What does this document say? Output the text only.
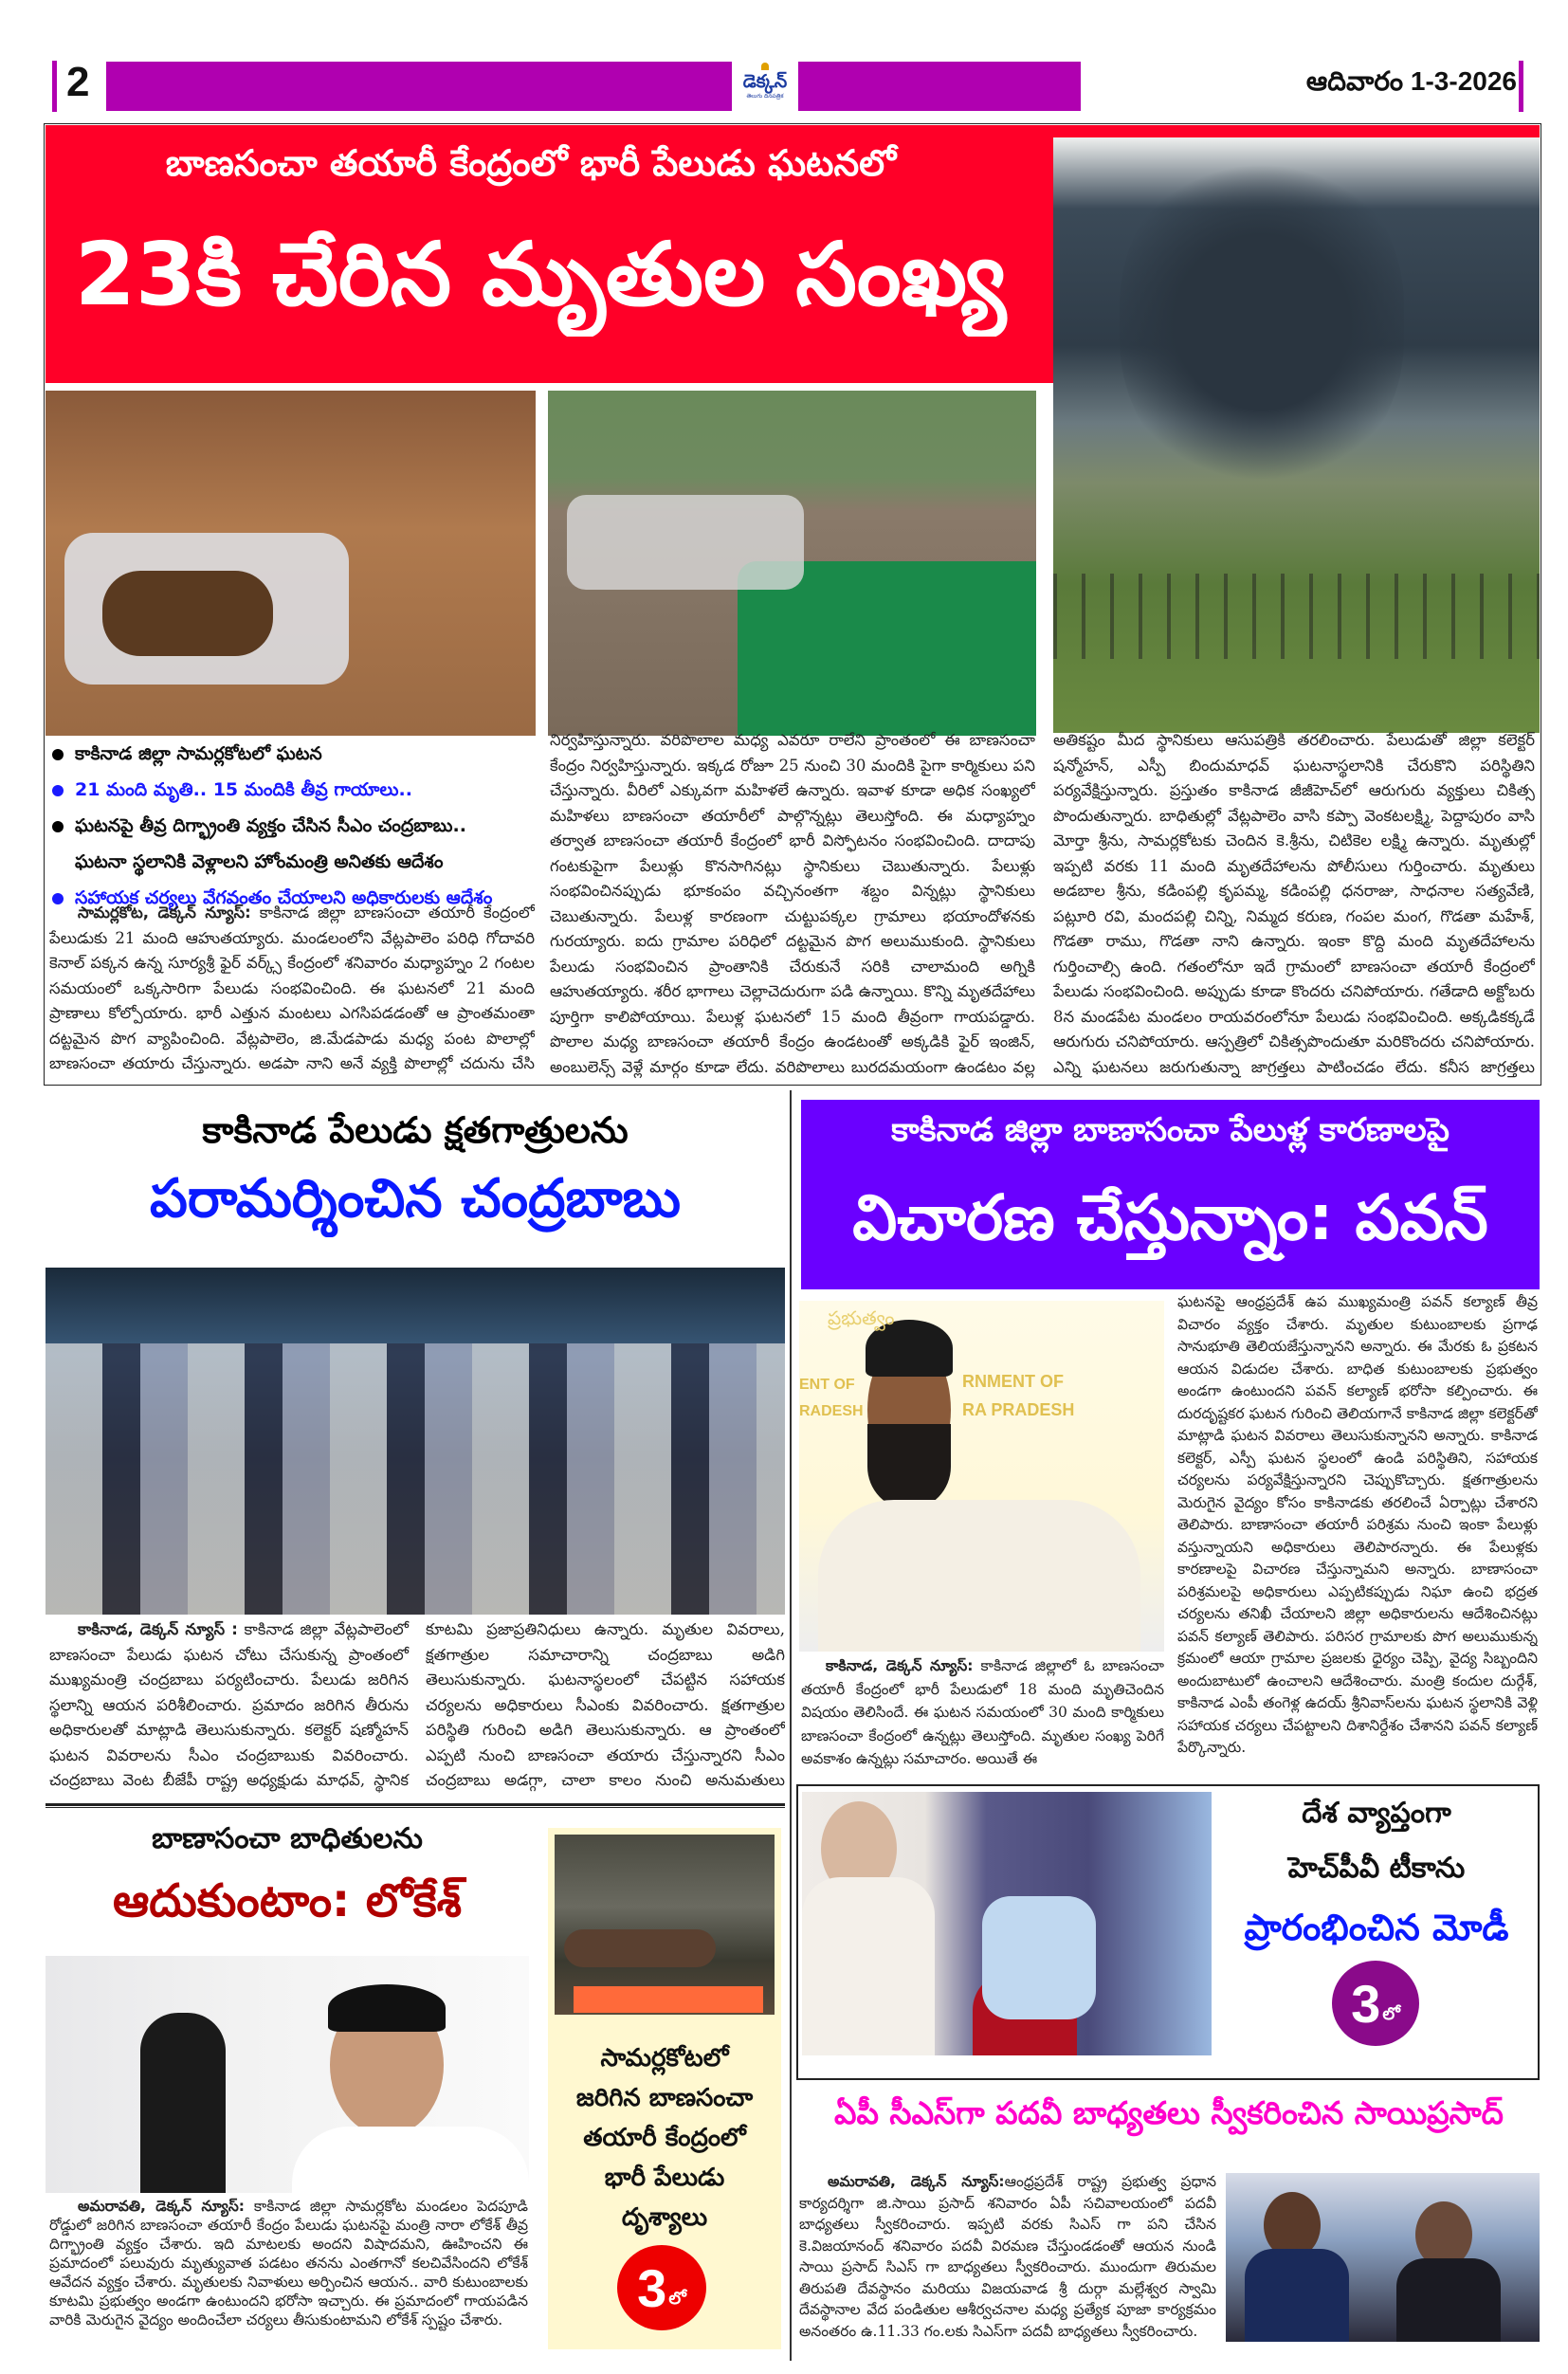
2	డెక్కన్
తెలుగు దినపత్రిక
ఆదివారం 1-3-2026
బాణసంచా తయారీ కేంద్రంలో భారీ పేలుడు ఘటనలో
23కి చేరిన మృతుల సంఖ్య
కాకినాడ జిల్లా సామర్లకోటలో ఘటన
21 మంది మృతి.. 15 మందికి తీవ్ర గాయాలు..
ఘటనపై తీవ్ర దిగ్భ్రాంతి వ్యక్తం చేసిన సీఎం చంద్రబాబు..
ఘటనా స్థలానికి వెళ్లాలని హోంమంత్రి అనితకు ఆదేశం
సహాయక చర్యలు వేగవంతం చేయాలని అధికారులకు ఆదేశం
సామర్లకోట, డెక్కన్ న్యూస్: కాకినాడ జిల్లా బాణసంచా తయారీ కేంద్రంలో పేలుడుకు 21 మంది ఆహుతయ్యారు. మండలంలోని వేట్లపాలెం పరిధి గోదావరి కెనాల్ పక్కన ఉన్న సూర్యశ్రీ ఫైర్ వర్క్స్ కేంద్రంలో శనివారం మధ్యాహ్నం 2 గంటల సమయంలో ఒక్కసారిగా పేలుడు సంభవించింది. ఈ ఘటనలో 21 మంది ప్రాణాలు కోల్పోయారు. భారీ ఎత్తున మంటలు ఎగసిపడడంతో ఆ ప్రాంతమంతా దట్టమైన పొగ వ్యాపించింది. వేట్లపాలెం, జి.మేడపాడు మధ్య పంట పొలాల్లో బాణసంచా తయారు చేస్తున్నారు. అడపా నాని అనే వ్యక్తి పొలాల్లో చదును చేసి
నిర్వహిస్తున్నారు. వరిపొలాల మధ్య ఎవరూ రాలేని ప్రాంతంలో ఈ బాణసంచా కేంద్రం నిర్వహిస్తున్నారు. ఇక్కడ రోజూ 25 నుంచి 30 మందికి పైగా కార్మికులు పని చేస్తున్నారు. వీరిలో ఎక్కువగా మహిళలే ఉన్నారు. ఇవాళ కూడా అధిక సంఖ్యలో మహిళలు బాణసంచా తయారీలో పాల్గొన్నట్లు తెలుస్తోంది. ఈ మధ్యాహ్నం తర్వాత బాణసంచా తయారీ కేంద్రంలో భారీ విస్ఫోటనం సంభవించింది. దాదాపు గంటకుపైగా పేలుళ్లు కొనసాగినట్లు స్థానికులు చెబుతున్నారు. పేలుళ్లు సంభవించినప్పుడు భూకంపం వచ్చినంతగా శబ్దం విన్నట్లు స్థానికులు చెబుతున్నారు. పేలుళ్ల కారణంగా చుట్టుపక్కల గ్రామాలు భయాందోళనకు గురయ్యారు. ఐదు గ్రామాల పరిధిలో దట్టమైన పొగ అలుముకుంది. స్థానికులు పేలుడు సంభవించిన ప్రాంతానికి చేరుకునే సరికి చాలామంది అగ్నికి ఆహుతయ్యారు. శరీర భాగాలు చెల్లాచెదురుగా పడి ఉన్నాయి. కొన్ని మృతదేహాలు పూర్తిగా కాలిపోయాయి. పేలుళ్ల ఘటనలో 15 మంది తీవ్రంగా గాయపడ్డారు. పొలాల మధ్య బాణసంచా తయారీ కేంద్రం ఉండటంతో అక్కడికి ఫైర్ ఇంజిన్, అంబులెన్స్ వెళ్లే మార్గం కూడా లేదు. వరిపొలాలు బురదమయంగా ఉండటం వల్ల
అతికష్టం మీద స్థానికులు ఆసుపత్రికి తరలించారు. పేలుడుతో జిల్లా కలెక్టర్ షన్మోహన్, ఎస్పీ బిందుమాధవ్ ఘటనాస్థలానికి చేరుకొని పరిస్థితిని పర్యవేక్షిస్తున్నారు. ప్రస్తుతం కాకినాడ జీజీహెచ్‌లో ఆరుగురు వ్యక్తులు చికిత్స పొందుతున్నారు. బాధితుల్లో వేట్లపాలెం వాసి కప్పా వెంకటలక్ష్మి, పెద్దాపురం వాసి మోర్తా శ్రీను, సామర్లకోటకు చెందిన కె.శ్రీను, చిటికెల లక్ష్మి ఉన్నారు. మృతుల్లో ఇప్పటి వరకు 11 మంది మృతదేహాలను పోలీసులు గుర్తించారు. మృతులు అడబాల శ్రీను, కడింపల్లి కృపమ్మ, కడింపల్లి ధనరాజు, సాధనాల సత్యవేణి, పట్లూరి రవి, మందపల్లి చిన్ని, నిమ్మద కరుణ, గంపల మంగ, గొడతా మహేశ్, గొడతా రాము, గొడతా నాని ఉన్నారు. ఇంకా కొద్ది మంది మృతదేహాలను గుర్తించాల్సి ఉంది. గతంలోనూ ఇదే గ్రామంలో బాణసంచా తయారీ కేంద్రంలో పేలుడు సంభవించింది. అప్పుడు కూడా కొందరు చనిపోయారు. గతేడాది అక్టోబరు 8న మండపేట మండలం రాయవరంలోనూ పేలుడు సంభవించింది. అక్కడికక్కడే ఆరుగురు చనిపోయారు. ఆస్పత్రిలో చికిత్సపొందుతూ మరికొందరు చనిపోయారు. ఎన్ని ఘటనలు జరుగుతున్నా జాగ్రత్తలు పాటించడం లేదు. కనీస జాగ్రత్తలు
కాకినాడ పేలుడు క్షతగాత్రులను
పరామర్శించిన చంద్రబాబు
కాకినాడ, డెక్కన్ న్యూస్ : కాకినాడ జిల్లా వేట్లపాలెంలో బాణసంచా పేలుడు ఘటన చోటు చేసుకున్న ప్రాంతంలో ముఖ్యమంత్రి చంద్రబాబు పర్యటించారు. పేలుడు జరిగిన స్థలాన్ని ఆయన పరిశీలించారు. ప్రమాదం జరిగిన తీరును అధికారులతో మాట్లాడి తెలుసుకున్నారు. కలెక్టర్ షణ్మోహన్ ఘటన వివరాలను సీఎం చంద్రబాబుకు వివరించారు. చంద్రబాబు వెంట బీజేపీ రాష్ట్ర అధ్యక్షుడు మాధవ్, స్థానిక కూటమి ప్రజాప్రతినిధులు ఉన్నారు. మృతుల వివరాలు, క్షతగాత్రుల సమాచారాన్ని చంద్రబాబు అడిగి తెలుసుకున్నారు. ఘటనాస్థలంలో చేపట్టిన సహాయక చర్యలను అధికారులు సీఎంకు వివరించారు. క్షతగాత్రుల పరిస్థితి గురించి అడిగి తెలుసుకున్నారు. ఆ ప్రాంతంలో ఎప్పటి నుంచి బాణసంచా తయారు చేస్తున్నారని సీఎం చంద్రబాబు అడగ్గా, చాలా కాలం నుంచి అనుమతులు
కాకినాడ జిల్లా బాణాసంచా పేలుళ్ల కారణాలపై
విచారణ చేస్తున్నాం: పవన్
ప్రభుత్వం
ENT OF
RADESH
RNMENT OF
RA PRADESH
కాకినాడ, డెక్కన్ న్యూస్: కాకినాడ జిల్లాలో ఓ బాణసంచా తయారీ కేంద్రంలో భారీ పేలుడులో 18 మంది మృతిచెందిన విషయం తెలిసిందే. ఈ ఘటన సమయంలో 30 మంది కార్మికులు బాణసంచా కేంద్రంలో ఉన్నట్లు తెలుస్తోంది. మృతుల సంఖ్య పెరిగే అవకాశం ఉన్నట్లు సమాచారం. అయితే ఈ
ఘటనపై ఆంధ్రప్రదేశ్ ఉప ముఖ్యమంత్రి పవన్ కల్యాణ్ తీవ్ర విచారం వ్యక్తం చేశారు. మృతుల కుటుంబాలకు ప్రగాఢ సానుభూతి తెలియజేస్తున్నానని అన్నారు. ఈ మేరకు ఓ ప్రకటన ఆయన విడుదల చేశారు. బాధిత కుటుంబాలకు ప్రభుత్వం అండగా ఉంటుందని పవన్ కల్యాణ్ భరోసా కల్పించారు. ఈ దురదృష్టకర ఘటన గురించి తెలియగానే కాకినాడ జిల్లా కలెక్టర్‌తో మాట్లాడి ఘటన వివరాలు తెలుసుకున్నానని అన్నారు. కాకినాడ కలెక్టర్, ఎస్పీ ఘటన స్థలంలో ఉండి పరిస్థితిని, సహాయక చర్యలను పర్యవేక్షిస్తున్నారని చెప్పుకొచ్చారు. క్షతగాత్రులను మెరుగైన వైద్యం కోసం కాకినాడకు తరలించే ఏర్పాట్లు చేశారని తెలిపారు. బాణాసంచా తయారీ పరిశ్రమ నుంచి ఇంకా పేలుళ్లు వస్తున్నాయని అధికారులు తెలిపారన్నారు. ఈ పేలుళ్లకు కారణాలపై విచారణ చేస్తున్నామని అన్నారు. బాణాసంచా పరిశ్రమలపై అధికారులు ఎప్పటికప్పుడు నిఘా ఉంచి భద్రత చర్యలను తనిఖీ చేయాలని జిల్లా అధికారులను ఆదేశించినట్లు పవన్ కల్యాణ్ తెలిపారు. పరిసర గ్రామాలకు పొగ అలుముకున్న క్రమంలో ఆయా గ్రామాల ప్రజలకు ధైర్యం చెప్పి, వైద్య సిబ్బందిని అందుబాటులో ఉంచాలని ఆదేశించారు. మంత్రి కందుల దుర్గేశ్, కాకినాడ ఎంపీ తంగెళ్ల ఉదయ్ శ్రీనివాస్‌లను ఘటన స్థలానికి వెళ్లి సహాయక చర్యలు చేపట్టాలని దిశానిర్దేశం చేశానని పవన్ కల్యాణ్ పేర్కొన్నారు.
బాణాసంచా బాధితులను
ఆదుకుంటాం: లోకేశ్
అమరావతి, డెక్కన్ న్యూస్: కాకినాడ జిల్లా సామర్లకోట మండలం పెదపూడి రోడ్డులో జరిగిన బాణసంచా తయారీ కేంద్రం పేలుడు ఘటనపై మంత్రి నారా లోకేశ్ తీవ్ర దిగ్భ్రాంతి వ్యక్తం చేశారు. ఇది మాటలకు అందని విషాదమని, ఊహించని ఈ ప్రమాదంలో పలువురు మృత్యువాత పడటం తనను ఎంతగానో కలచివేసిందని లోకేశ్ ఆవేదన వ్యక్తం చేశారు. మృతులకు నివాళులు అర్పించిన ఆయన.. వారి కుటుంబాలకు కూటమి ప్రభుత్వం అండగా ఉంటుందని భరోసా ఇచ్చారు. ఈ ప్రమాదంలో గాయపడిన వారికి మెరుగైన వైద్యం అందించేలా చర్యలు తీసుకుంటామని లోకేశ్ స్పష్టం చేశారు.
సామర్లకోటలో
జరిగిన బాణసంచా
తయారీ కేంద్రంలో
భారీ పేలుడు
దృశ్యాలు
3 లో
దేశ వ్యాప్తంగా
హెచ్‌పీవీ టీకాను
ప్రారంభించిన మోడీ
3 లో
ఏపీ సీఎస్‌గా పదవీ బాధ్యతలు స్వీకరించిన సాయిప్రసాద్
అమరావతి, డెక్కన్ న్యూస్:ఆంధ్రప్రదేశ్ రాష్ట్ర ప్రభుత్వ ప్రధాన కార్యదర్శిగా జి.సాయి ప్రసాద్ శనివారం ఏపీ సచివాలయంలో పదవీ బాధ్యతలు స్వీకరించారు. ఇప్పటి వరకు సిఎస్ గా పని చేసిన కె.విజయానంద్ శనివారం పదవీ విరమణ చేస్తుండడంతో ఆయన నుండి సాయి ప్రసాద్ సిఎస్ గా బాధ్యతలు స్వీకరించారు. ముందుగా తిరుమల తిరుపతి దేవస్థానం మరియు విజయవాడ శ్రీ దుర్గా మల్లేశ్వర స్వామి దేవస్థానాల వేద పండితుల ఆశీర్వచనాల మధ్య ప్రత్యేక పూజా కార్యక్రమం అనంతరం ఉ.11.33 గం.లకు సిఎస్‌గా పదవీ బాధ్యతలు స్వీకరించారు.
